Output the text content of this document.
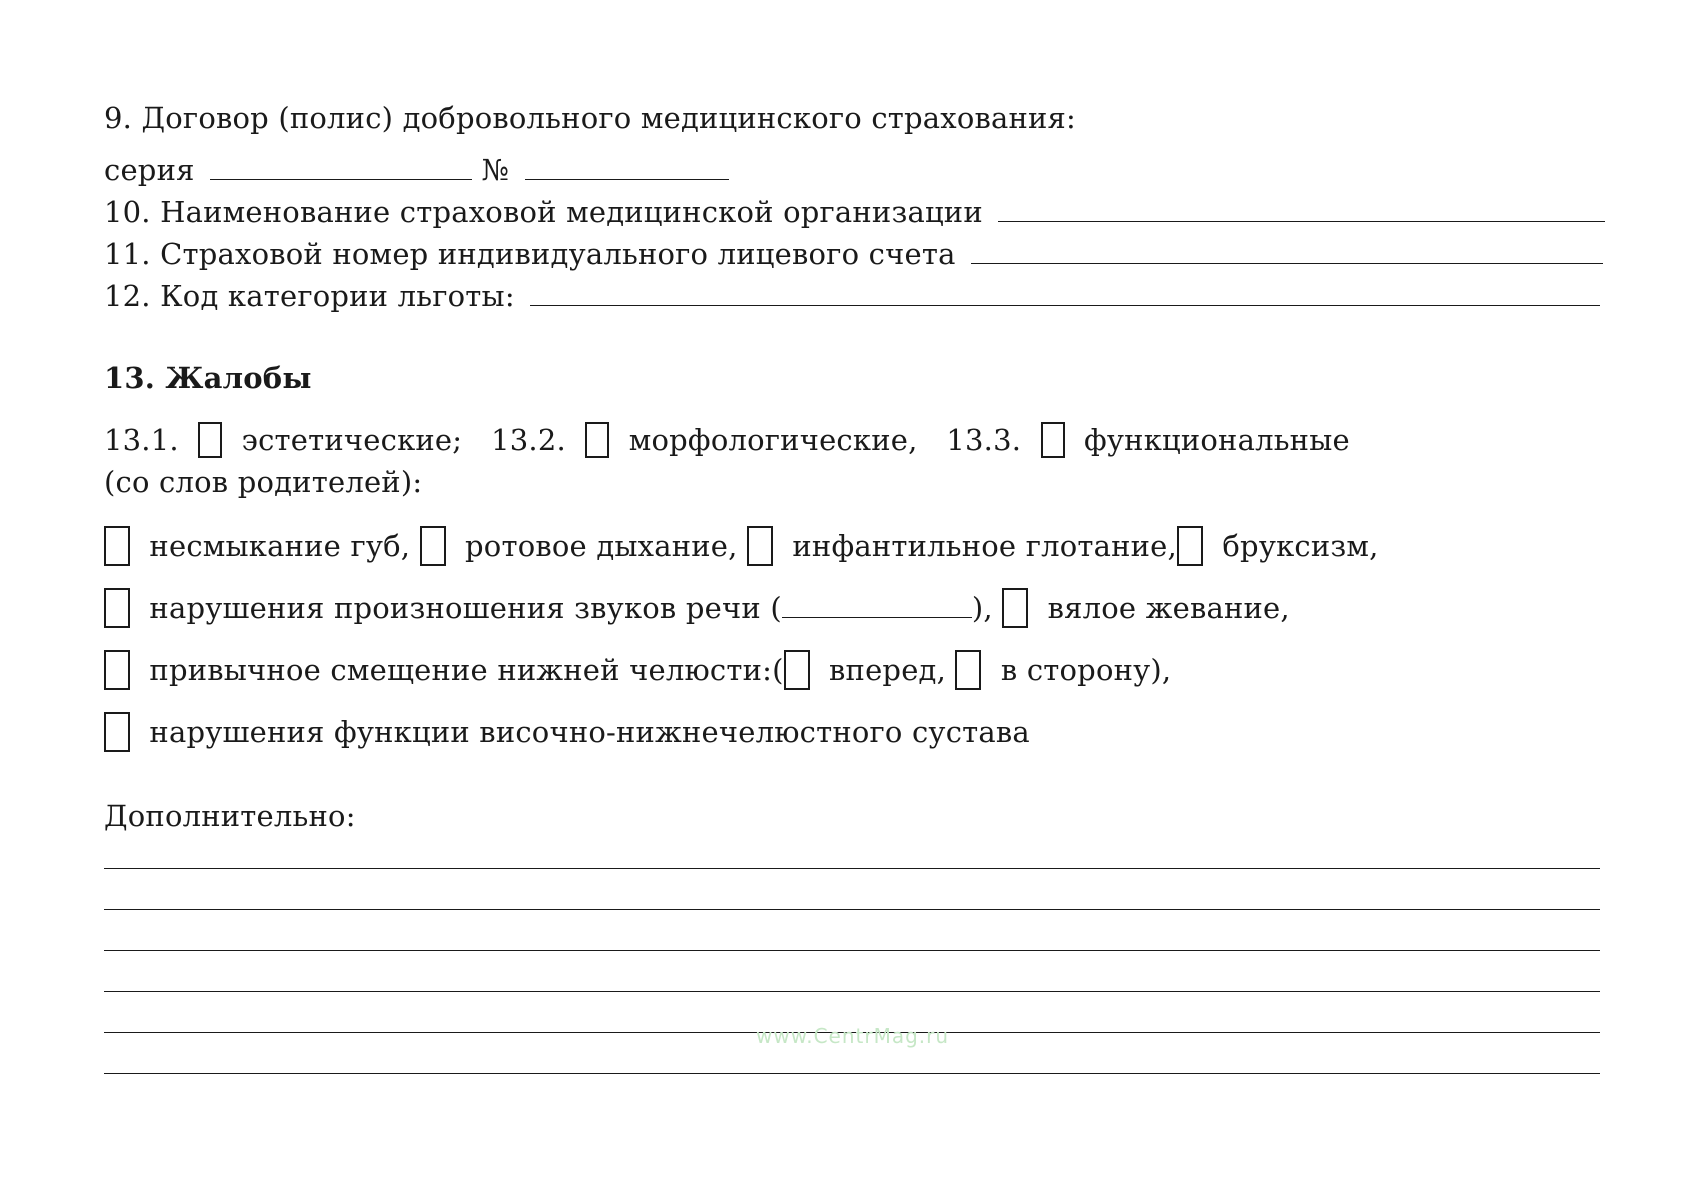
9. Договор (полис) добровольного медицинского страхования:
серия	№
10. Наименование страховой медицинской организации
11. Страховой номер индивидуального лицевого счета
12. Код категории льготы:
13. Жалобы
13.1. эстетические; 13.2. морфологические, 13.3. функциональные
(со слов родителей):
несмыкание губ, ротовое дыхание, инфантильное глотание, бруксизм,
нарушения произношения звуков речи (	), вялое жевание,
привычное смещение нижней челюсти:( вперед, в сторону),
нарушения функции височно-нижнечелюстного сустава
Дополнительно:
www.CentrMag.ru
